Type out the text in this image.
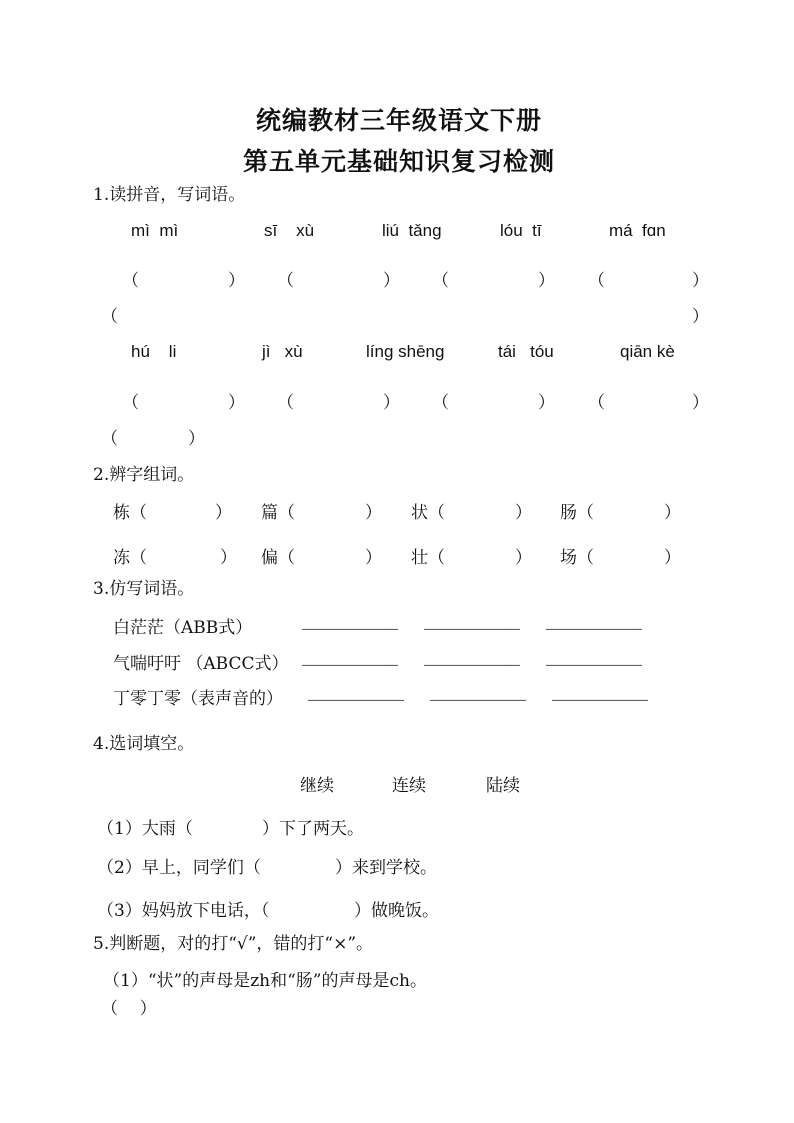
统编教材三年级语文下册
第五单元基础知识复习检测
1.读拼音，写词语。
mì  mì	sī    xù	liú  tǎng	lóu  tī	má  fɑn
（	） （	） （	） （	）
（	）
hú    li	jì   xù	líng shēng	tái   tóu	qiān kè
（	） （	） （	） （	）
（	）
2.辨字组词。
栋（	） 篇（	） 状（	） 肠（	）
冻（	） 偏（	） 壮（	） 场（	）
3.仿写词语。
白茫茫（ABB式）	__________ __________ __________
气喘吁吁 （ABCC式） __________ __________ __________
丁零丁零（表声音的） __________ __________ __________
4.选词填空。
继续	连续	陆续
（1）大雨（	）下了两天。
（2）早上，同学们（	）来到学校。
（3）妈妈放下电话，（	）做晚饭。
5.判断题，对的打“√”，错的打“×”。
（1）“状”的声母是zh和“肠”的声母是ch。
（    ）
